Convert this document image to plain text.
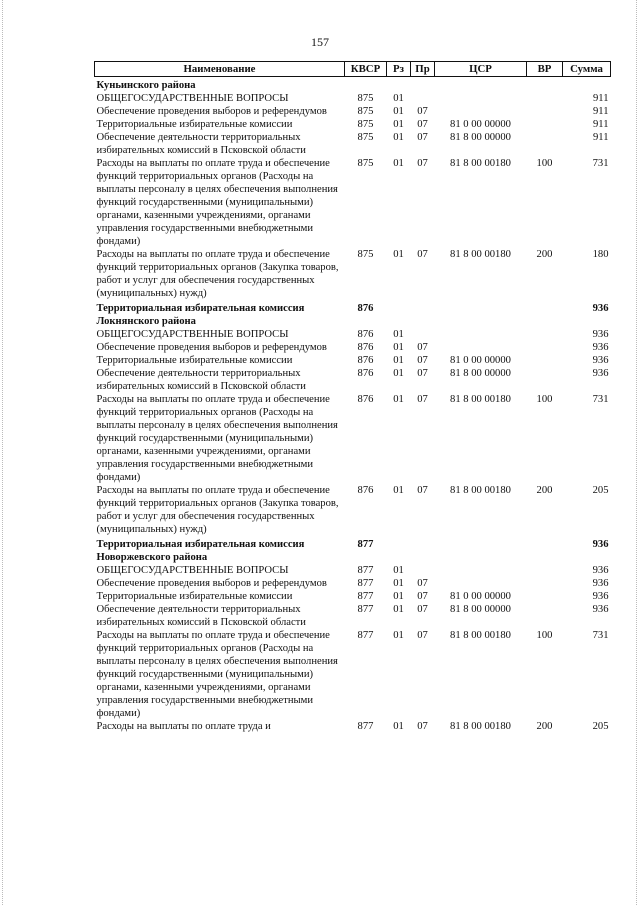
157
Наименование	КВСР	Рз	Пр	ЦСР	ВР	Сумма
Куньинского района						
ОБЩЕГОСУДАРСТВЕННЫЕ ВОПРОСЫ	875	01				911
Обеспечение проведения выборов и референдумов	875	01	07			911
Территориальные избирательные комиссии	875	01	07	81 0 00 00000		911
Обеспечение деятельности территориальных избирательных комиссий в Псковской области	875	01	07	81 8 00 00000		911
Расходы на выплаты по оплате труда и обеспечение функций территориальных органов (Расходы на выплаты персоналу в целях обеспечения выполнения функций государственными (муниципальными) органами, казенными учреждениями, органами управления государственными внебюджетными фондами)	875	01	07	81 8 00 00180	100	731
Расходы на выплаты по оплате труда и обеспечение функций территориальных органов (Закупка товаров, работ и услуг для обеспечения государственных (муниципальных) нужд)	875	01	07	81 8 00 00180	200	180
Территориальная избирательная комиссия Локнянского района	876					936
ОБЩЕГОСУДАРСТВЕННЫЕ ВОПРОСЫ	876	01				936
Обеспечение проведения выборов и референдумов	876	01	07			936
Территориальные избирательные комиссии	876	01	07	81 0 00 00000		936
Обеспечение деятельности территориальных избирательных комиссий в Псковской области	876	01	07	81 8 00 00000		936
Расходы на выплаты по оплате труда и обеспечение функций территориальных органов (Расходы на выплаты персоналу в целях обеспечения выполнения функций государственными (муниципальными) органами, казенными учреждениями, органами управления государственными внебюджетными фондами)	876	01	07	81 8 00 00180	100	731
Расходы на выплаты по оплате труда и обеспечение функций территориальных органов (Закупка товаров, работ и услуг для обеспечения государственных (муниципальных) нужд)	876	01	07	81 8 00 00180	200	205
Территориальная избирательная комиссия Новоржевского района	877					936
ОБЩЕГОСУДАРСТВЕННЫЕ ВОПРОСЫ	877	01				936
Обеспечение проведения выборов и референдумов	877	01	07			936
Территориальные избирательные комиссии	877	01	07	81 0 00 00000		936
Обеспечение деятельности территориальных избирательных комиссий в Псковской области	877	01	07	81 8 00 00000		936
Расходы на выплаты по оплате труда и обеспечение функций территориальных органов (Расходы на выплаты персоналу в целях обеспечения выполнения функций государственными (муниципальными) органами, казенными учреждениями, органами управления государственными внебюджетными фондами)	877	01	07	81 8 00 00180	100	731
Расходы на выплаты по оплате труда и	877	01	07	81 8 00 00180	200	205
